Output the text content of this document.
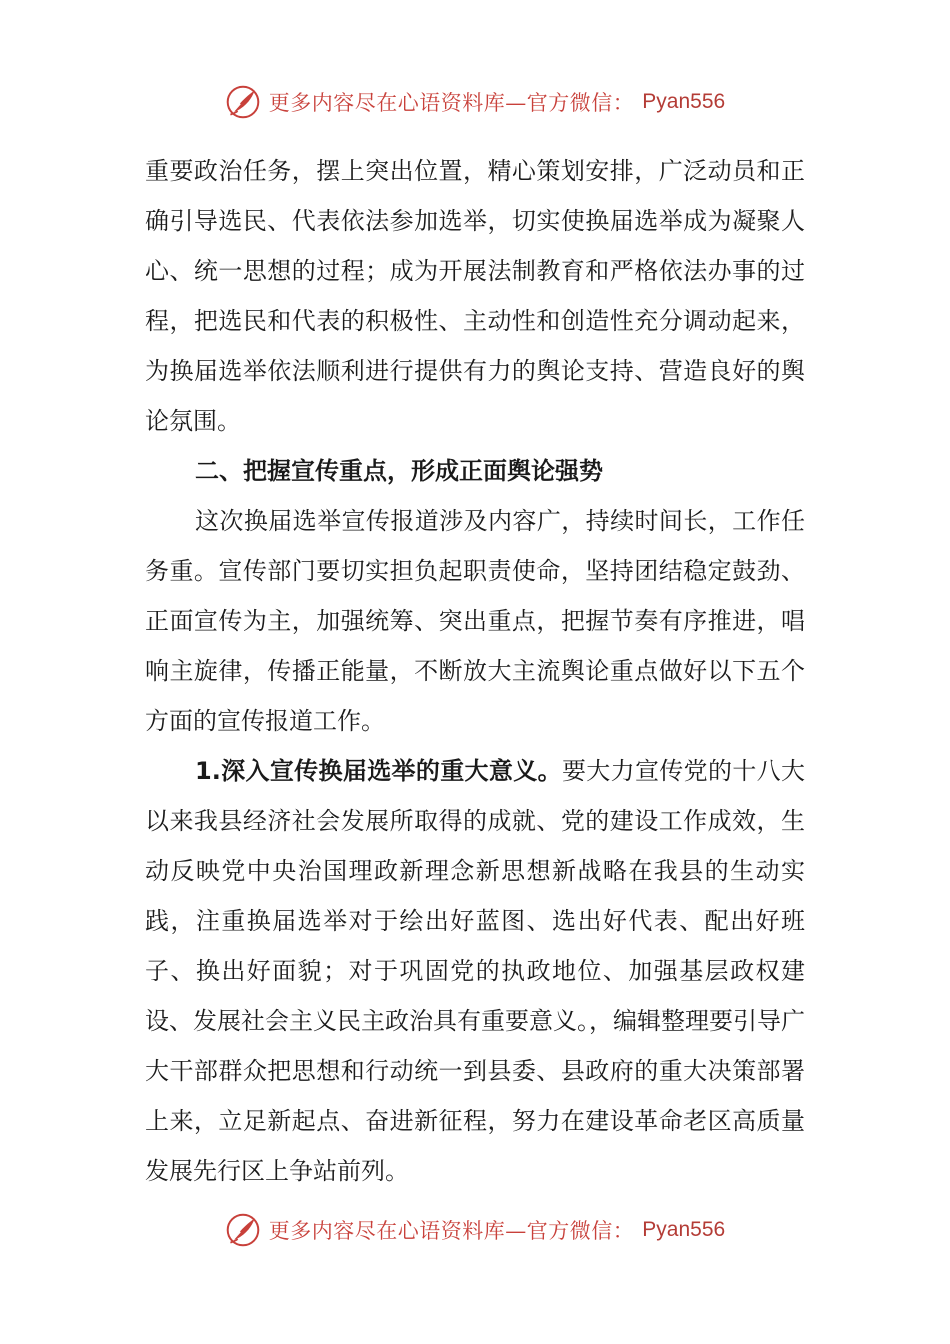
更多内容尽在心语资料库—官方微信： Pyan556

重要政治任务，摆上突出位置，精心策划安排，广泛动员和正确引导选民、代表依法参加选举，切实使换届选举成为凝聚人心、统一思想的过程；成为开展法制教育和严格依法办事的过程，把选民和代表的积极性、主动性和创造性充分调动起来，为换届选举依法顺利进行提供有力的舆论支持、营造良好的舆论氛围。

二、把握宣传重点，形成正面舆论强势

这次换届选举宣传报道涉及内容广，持续时间长，工作任务重。宣传部门要切实担负起职责使命，坚持团结稳定鼓劲、正面宣传为主，加强统筹、突出重点，把握节奏有序推进，唱响主旋律，传播正能量，不断放大主流舆论重点做好以下五个方面的宣传报道工作。

1.深入宣传换届选举的重大意义。要大力宣传党的十八大以来我县经济社会发展所取得的成就、党的建设工作成效，生动反映党中央治国理政新理念新思想新战略在我县的生动实践，注重换届选举对于绘出好蓝图、选出好代表、配出好班子、换出好面貌；对于巩固党的执政地位、加强基层政权建设、发展社会主义民主政治具有重要意义。，编辑整理要引导广大干部群众把思想和行动统一到县委、县政府的重大决策部署上来，立足新起点、奋进新征程，努力在建设革命老区高质量发展先行区上争站前列。

更多内容尽在心语资料库—官方微信： Pyan556
